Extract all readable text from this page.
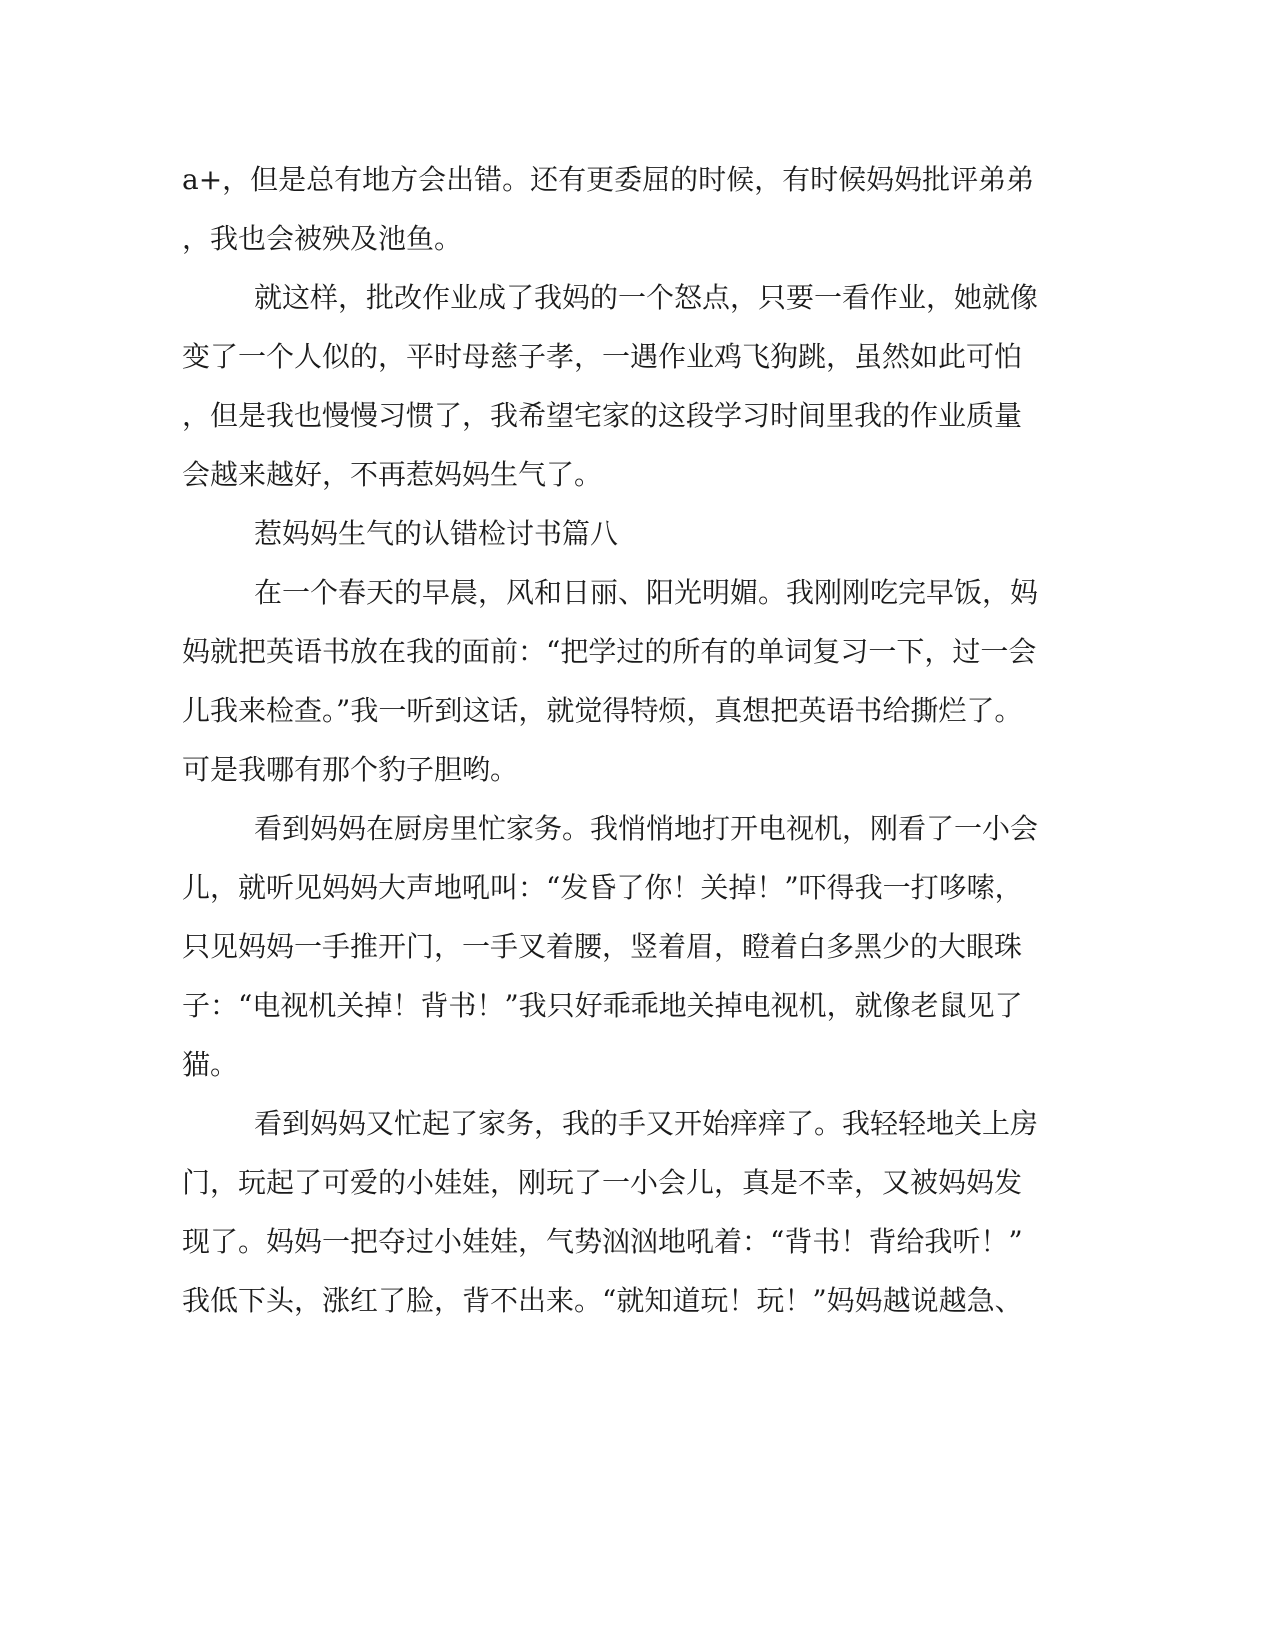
a+，但是总有地方会出错。还有更委屈的时候，有时候妈妈批评弟弟
，我也会被殃及池鱼。
就这样，批改作业成了我妈的一个怒点，只要一看作业，她就像
变了一个人似的，平时母慈子孝，一遇作业鸡飞狗跳，虽然如此可怕
，但是我也慢慢习惯了，我希望宅家的这段学习时间里我的作业质量
会越来越好，不再惹妈妈生气了。
惹妈妈生气的认错检讨书篇八
在一个春天的早晨，风和日丽、阳光明媚。我刚刚吃完早饭，妈
妈就把英语书放在我的面前：“把学过的所有的单词复习一下，过一会
儿我来检查。”我一听到这话，就觉得特烦，真想把英语书给撕烂了。
可是我哪有那个豹子胆哟。
看到妈妈在厨房里忙家务。我悄悄地打开电视机，刚看了一小会
儿，就听见妈妈大声地吼叫：“发昏了你！关掉！”吓得我一打哆嗦，
只见妈妈一手推开门，一手叉着腰，竖着眉，瞪着白多黑少的大眼珠
子：“电视机关掉！背书！”我只好乖乖地关掉电视机，就像老鼠见了
猫。
看到妈妈又忙起了家务，我的手又开始痒痒了。我轻轻地关上房
门，玩起了可爱的小娃娃，刚玩了一小会儿，真是不幸，又被妈妈发
现了。妈妈一把夺过小娃娃，气势汹汹地吼着：“背书！背给我听！”
我低下头，涨红了脸，背不出来。“就知道玩！玩！”妈妈越说越急、
